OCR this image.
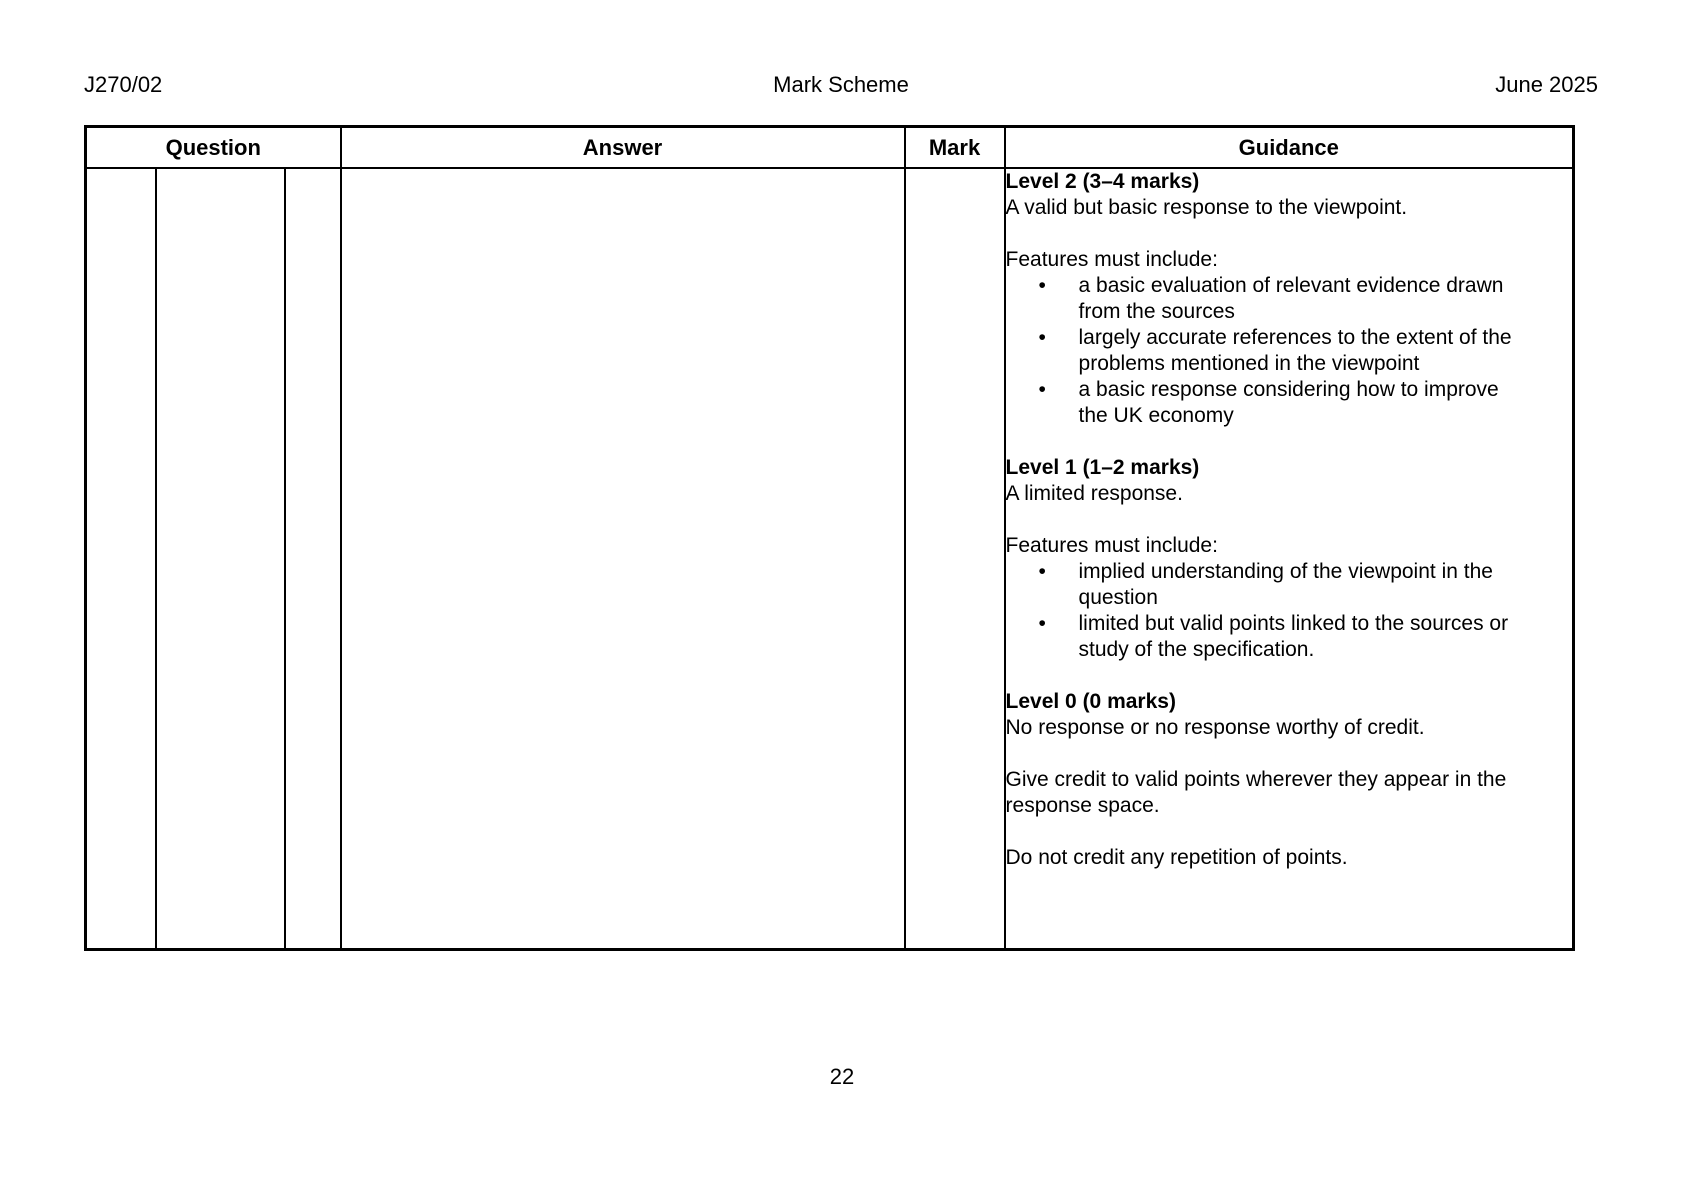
J270/02	Mark Scheme	June 2025
Question			Answer	Mark	Guidance

Level 2 (3–4 marks)
A valid but basic response to the viewpoint.
Features must include:
•	a basic evaluation of relevant evidence drawn
from the sources
•	largely accurate references to the extent of the
problems mentioned in the viewpoint
•	a basic response considering how to improve
the UK economy
Level 1 (1–2 marks)
A limited response.
Features must include:
•	implied understanding of the viewpoint in the
question
•	limited but valid points linked to the sources or
study of the specification.
Level 0 (0 marks)
No response or no response worthy of credit.
Give credit to valid points wherever they appear in the
response space.
Do not credit any repetition of points.
22
